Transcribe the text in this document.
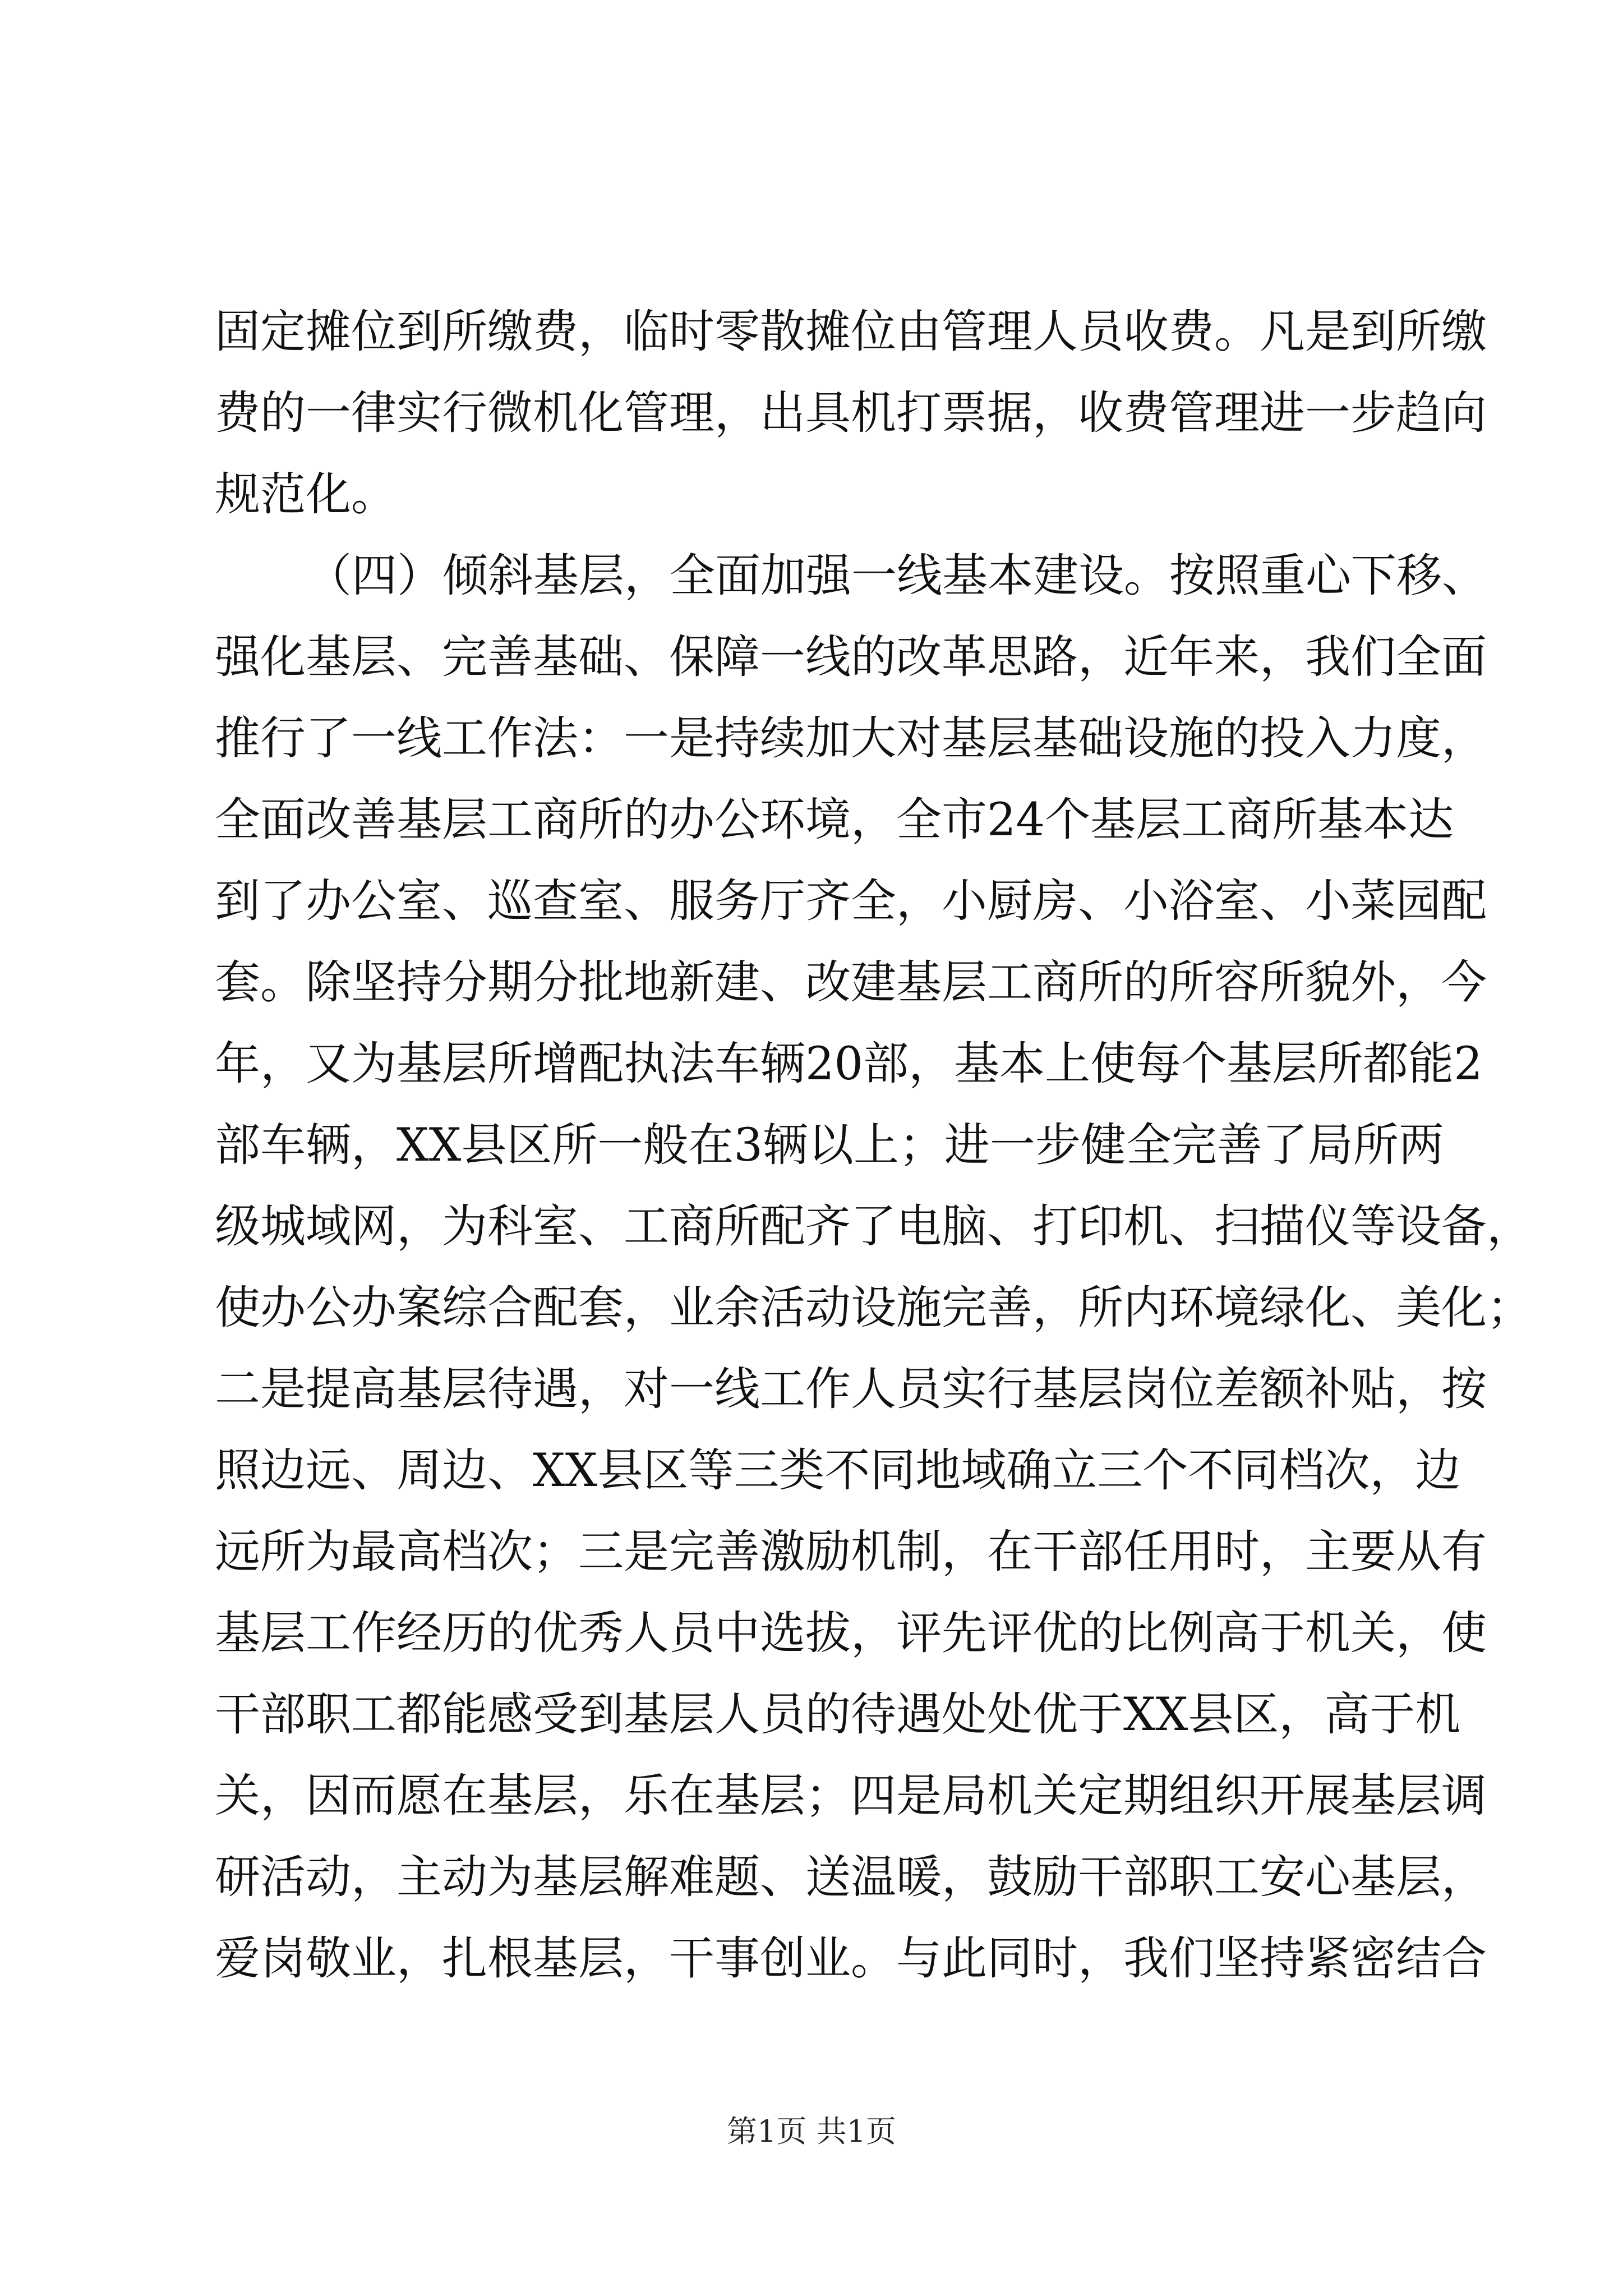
固定摊位到所缴费，临时零散摊位由管理人员收费。凡是到所缴
费的一律实行微机化管理，出具机打票据，收费管理进一步趋向
规范化。
（四）倾斜基层，全面加强一线基本建设。按照重心下移、
强化基层、完善基础、保障一线的改革思路，近年来，我们全面
推行了一线工作法：一是持续加大对基层基础设施的投入力度，
全面改善基层工商所的办公环境，全市24个基层工商所基本达
到了办公室、巡查室、服务厅齐全，小厨房、小浴室、小菜园配
套。除坚持分期分批地新建、改建基层工商所的所容所貌外，今
年，又为基层所增配执法车辆20部，基本上使每个基层所都能2
部车辆，XX县区所一般在3辆以上；进一步健全完善了局所两
级城域网，为科室、工商所配齐了电脑、打印机、扫描仪等设备，
使办公办案综合配套，业余活动设施完善，所内环境绿化、美化；
二是提高基层待遇，对一线工作人员实行基层岗位差额补贴，按
照边远、周边、XX县区等三类不同地域确立三个不同档次，边
远所为最高档次；三是完善激励机制，在干部任用时，主要从有
基层工作经历的优秀人员中选拔，评先评优的比例高于机关，使
干部职工都能感受到基层人员的待遇处处优于XX县区，高于机
关，因而愿在基层，乐在基层；四是局机关定期组织开展基层调
研活动，主动为基层解难题、送温暖，鼓励干部职工安心基层，
爱岗敬业，扎根基层，干事创业。与此同时，我们坚持紧密结合
第1页 共1页
